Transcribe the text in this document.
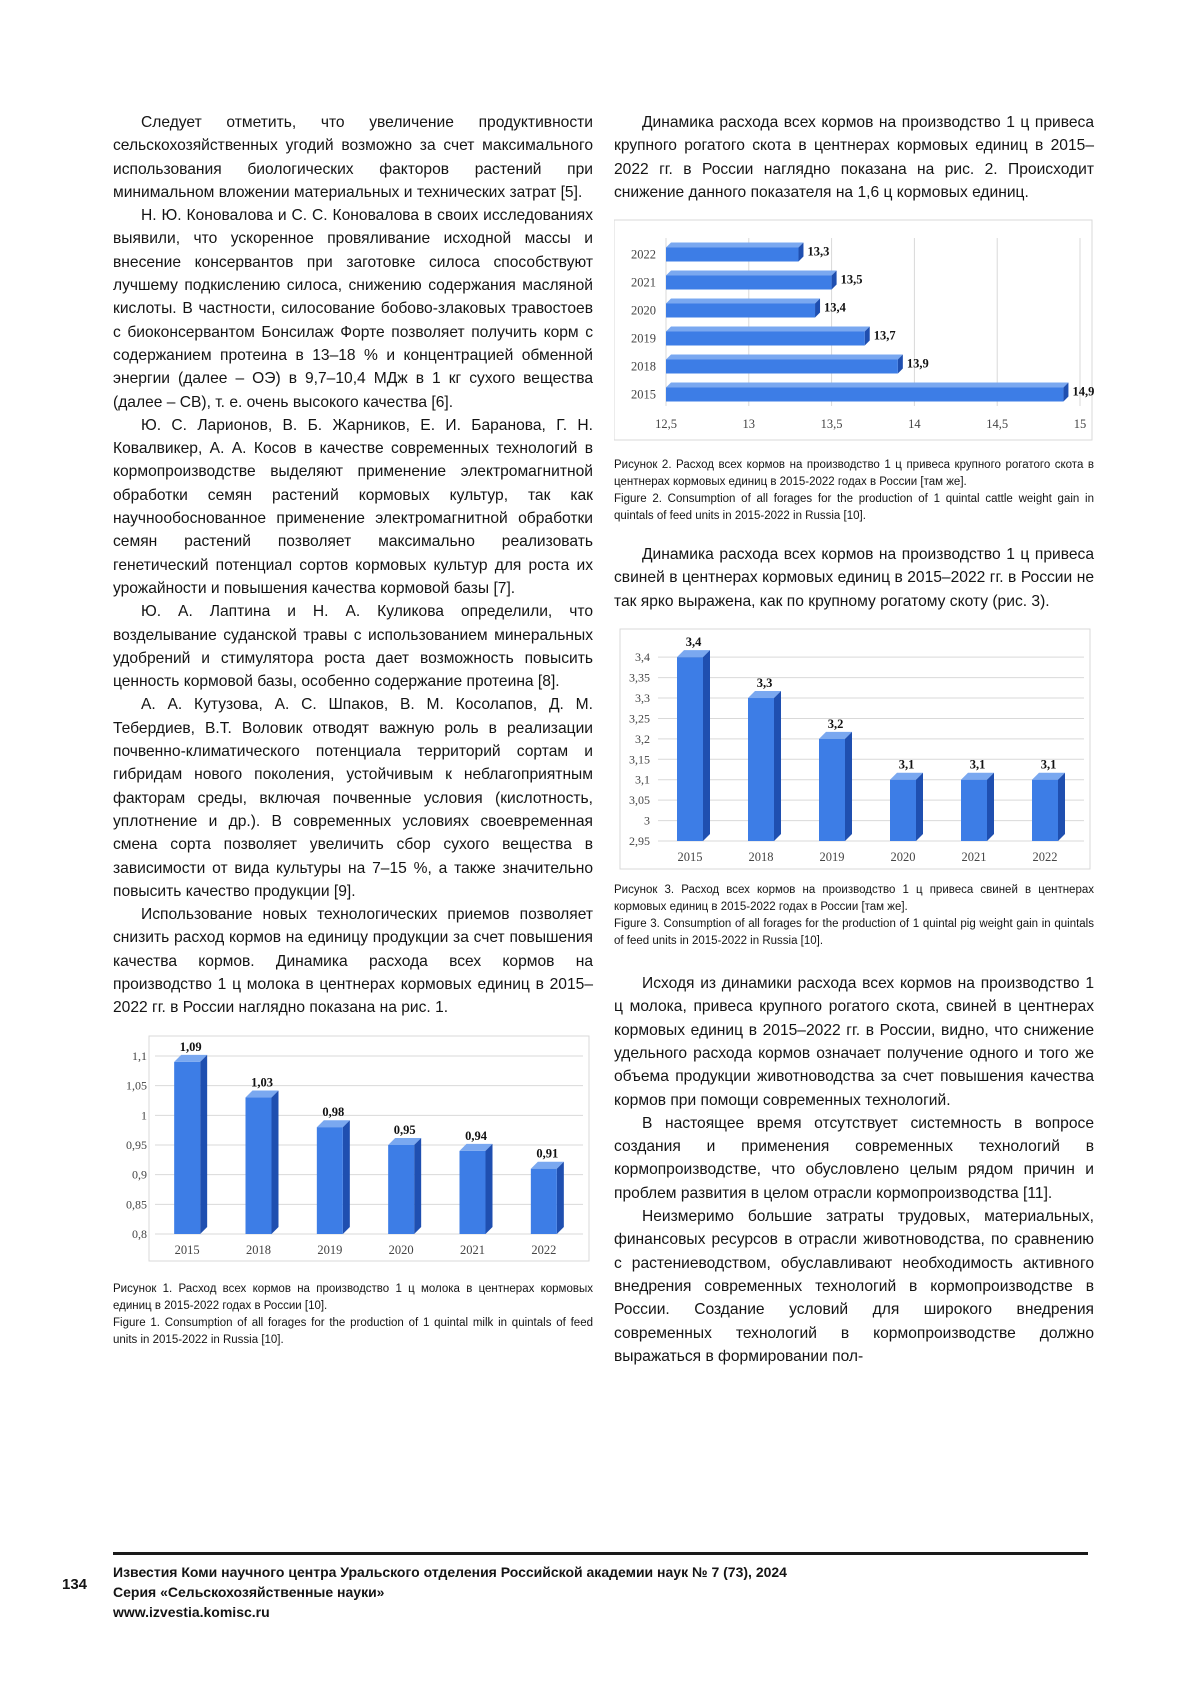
Следует отметить, что увеличение продуктивности сельскохозяйственных угодий возможно за счет максимального использования биологических факторов растений при минимальном вложении материальных и технических затрат [5].

Н. Ю. Коновалова и С. С. Коновалова в своих исследованиях выявили, что ускоренное провяливание исходной массы и внесение консервантов при заготовке силоса способствуют лучшему подкислению силоса, снижению содержания масляной кислоты. В частности, силосование бобово-злаковых травостоев с биоконсервантом Бонсилаж Форте позволяет получить корм с содержанием протеина в 13–18 % и концентрацией обменной энергии (далее – ОЭ) в 9,7–10,4 МДж в 1 кг сухого вещества (далее – СВ), т. е. очень высокого качества [6].

Ю. С. Ларионов, В. Б. Жарников, Е. И. Баранова, Г. Н. Ковалвикер, А. А. Косов в качестве современных технологий в кормопроизводстве выделяют применение электромагнитной обработки семян растений кормовых культур, так как научнообоснованное применение электромагнитной обработки семян растений позволяет максимально реализовать генетический потенциал сортов кормовых культур для роста их урожайности и повышения качества кормовой базы [7].

Ю. А. Лаптина и Н. А. Куликова определили, что возделывание суданской травы с использованием минеральных удобрений и стимулятора роста дает возможность повысить ценность кормовой базы, особенно содержание протеина [8].

А. А. Кутузова, А. С. Шпаков, В. М. Косолапов, Д. М. Тебердиев, В.Т. Воловик отводят важную роль в реализации почвенно-климатического потенциала территорий сортам и гибридам нового поколения, устойчивым к неблагоприятным факторам среды, включая почвенные условия (кислотность, уплотнение и др.). В современных условиях своевременная смена сорта позволяет увеличить сбор сухого вещества в зависимости от вида культуры на 7–15 %, а также значительно повысить качество продукции [9].

Использование новых технологических приемов позволяет снизить расход кормов на единицу продукции за счет повышения качества кормов. Динамика расхода всех кормов на производство 1 ц молока в центнерах кормовых единиц в 2015–2022 гг. в России наглядно показана на рис. 1.

0,8
0,85
0,9
0,95
1
1,05
1,1
1,09
2015
1,03
2018
0,98
2019
0,95
2020
0,94
2021
0,91
2022

Рисунок 1. Расход всех кормов на производство 1 ц молока в центнерах кормовых единиц в 2015-2022 годах в России [10].

Figure 1. Consumption of all forages for the production of 1 quintal milk in quintals of feed units in 2015-2022 in Russia [10].

Динамика расхода всех кормов на производство 1 ц привеса крупного рогатого скота в центнерах кормовых единиц в 2015–2022 гг. в России наглядно показана на рис. 2. Происходит снижение данного показателя на 1,6 ц кормовых единиц.

12,5	13	13,5	14	14,5	15
14,9
2015
13,9
2018
13,7
2019
13,4
2020
13,5
2021
13,3
2022

Рисунок 2. Расход всех кормов на производство 1 ц привеса крупного рогатого скота в центнерах кормовых единиц в 2015-2022 годах в России [там же].

Figure 2. Consumption of all forages for the production of 1 quintal cattle weight gain in quintals of feed units in 2015-2022 in Russia [10].

Динамика расхода всех кормов на производство 1 ц привеса свиней в центнерах кормовых единиц в 2015–2022 гг. в России не так ярко выражена, как по крупному рогатому скоту (рис. 3).

2,95
3
3,05
3,1
3,15
3,2
3,25
3,3
3,35
3,4
3,4
2015
3,3
2018
3,2
2019
3,1
2020
3,1
2021
3,1
2022

Рисунок 3. Расход всех кормов на производство 1 ц привеса свиней в центнерах кормовых единиц в 2015-2022 годах в России [там же].

Figure 3. Consumption of all forages for the production of 1 quintal pig weight gain in quintals of feed units in 2015-2022 in Russia [10].

Исходя из динамики расхода всех кормов на производство 1 ц молока, привеса крупного рогатого скота, свиней в центнерах кормовых единиц в 2015–2022 гг. в России, видно, что снижение удельного расхода кормов означает получение одного и того же объема продукции животноводства за счет повышения качества кормов при помощи современных технологий.

В настоящее время отсутствует системность в вопросе создания и применения современных технологий в кормопроизводстве, что обусловлено целым рядом причин и проблем развития в целом отрасли кормопроизводства [11].

Неизмеримо большие затраты трудовых, материальных, финансовых ресурсов в отрасли животноводства, по сравнению с растениеводством, обуславливают необходимость активного внедрения современных технологий в кормопроизводстве в России. Создание условий для широкого внедрения современных технологий в кормопроизводстве должно выражаться в формировании пол-

134
Известия Коми научного центра Уральского отделения Российской академии наук № 7 (73), 2024
Серия «Сельскохозяйственные науки»
www.izvestia.komisc.ru
